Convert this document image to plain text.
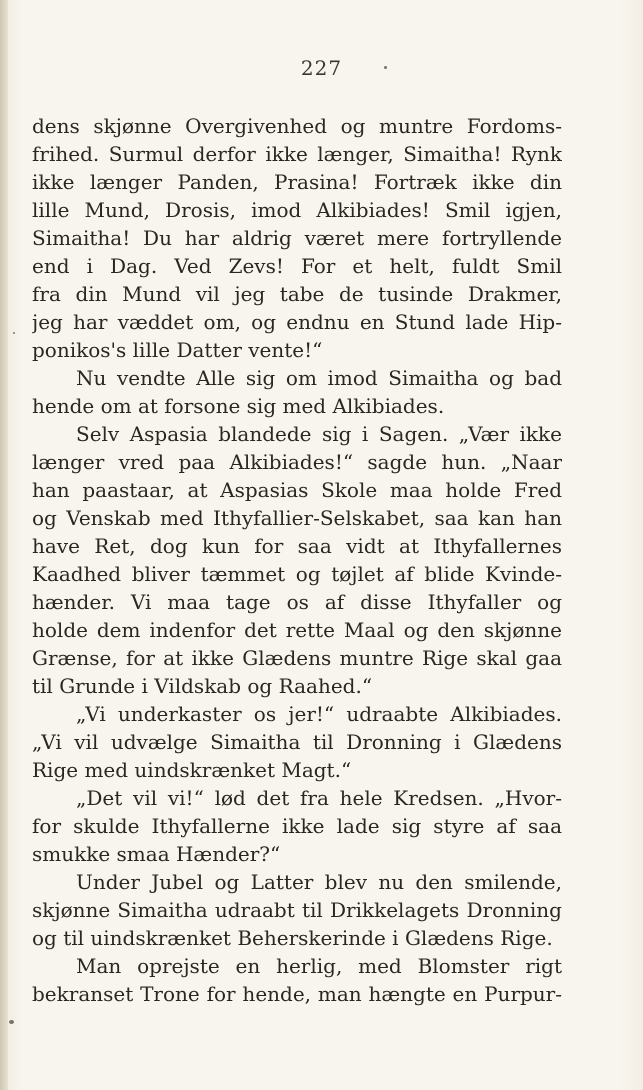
227
dens skjønne Overgivenhed og muntre Fordoms-
frihed. Surmul derfor ikke længer, Simaitha! Rynk
ikke længer Panden, Prasina! Fortræk ikke din
lille Mund, Drosis, imod Alkibiades! Smil igjen,
Simaitha! Du har aldrig været mere fortryllende
end i Dag. Ved Zevs! For et helt, fuldt Smil
fra din Mund vil jeg tabe de tusinde Drakmer,
jeg har væddet om, og endnu en Stund lade Hip-
ponikos's lille Datter vente!“
Nu vendte Alle sig om imod Simaitha og bad
hende om at forsone sig med Alkibiades.
Selv Aspasia blandede sig i Sagen. „Vær ikke
længer vred paa Alkibiades!“ sagde hun. „Naar
han paastaar, at Aspasias Skole maa holde Fred
og Venskab med Ithyfallier-Selskabet, saa kan han
have Ret, dog kun for saa vidt at Ithyfallernes
Kaadhed bliver tæmmet og tøjlet af blide Kvinde-
hænder. Vi maa tage os af disse Ithyfaller og
holde dem indenfor det rette Maal og den skjønne
Grænse, for at ikke Glædens muntre Rige skal gaa
til Grunde i Vildskab og Raahed.“
„Vi underkaster os jer!“ udraabte Alkibiades.
„Vi vil udvælge Simaitha til Dronning i Glædens
Rige med uindskrænket Magt.“
„Det vil vi!“ lød det fra hele Kredsen. „Hvor-
for skulde Ithyfallerne ikke lade sig styre af saa
smukke smaa Hænder?“
Under Jubel og Latter blev nu den smilende,
skjønne Simaitha udraabt til Drikkelagets Dronning
og til uindskrænket Beherskerinde i Glædens Rige.
Man oprejste en herlig, med Blomster rigt
bekranset Trone for hende, man hængte en Purpur-
